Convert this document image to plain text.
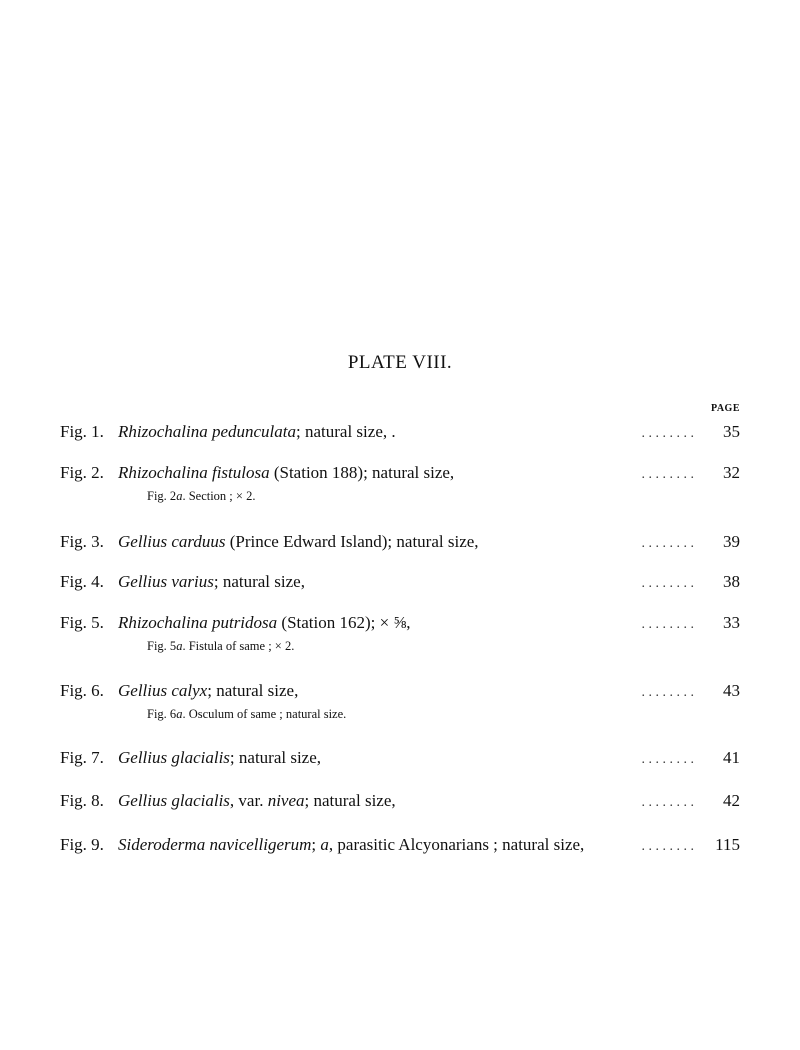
PLATE VIII.
PAGE
Fig. 1. Rhizochalina pedunculata; natural size, .	. . . . . . . .	35
Fig. 2. Rhizochalina fistulosa (Station 188); natural size,	. . . . . . . .	32
Fig. 2a. Section ; × 2.
Fig. 3. Gellius carduus (Prince Edward Island); natural size,	. . . . . . . .	39
Fig. 4. Gellius varius; natural size,	. . . . . . . .	38
Fig. 5. Rhizochalina putridosa (Station 162); × ⅝,	. . . . . . . .	33
Fig. 5a. Fistula of same ; × 2.
Fig. 6. Gellius calyx; natural size,	. . . . . . . .	43
Fig. 6a. Osculum of same ; natural size.
Fig. 7. Gellius glacialis; natural size,	. . . . . . . .	41
Fig. 8. Gellius glacialis, var. nivea; natural size,	. . . . . . . .	42
Fig. 9. Sideroderma navicelligerum; a, parasitic Alcyonarians ; natural size,	. . . . . . . .	115
